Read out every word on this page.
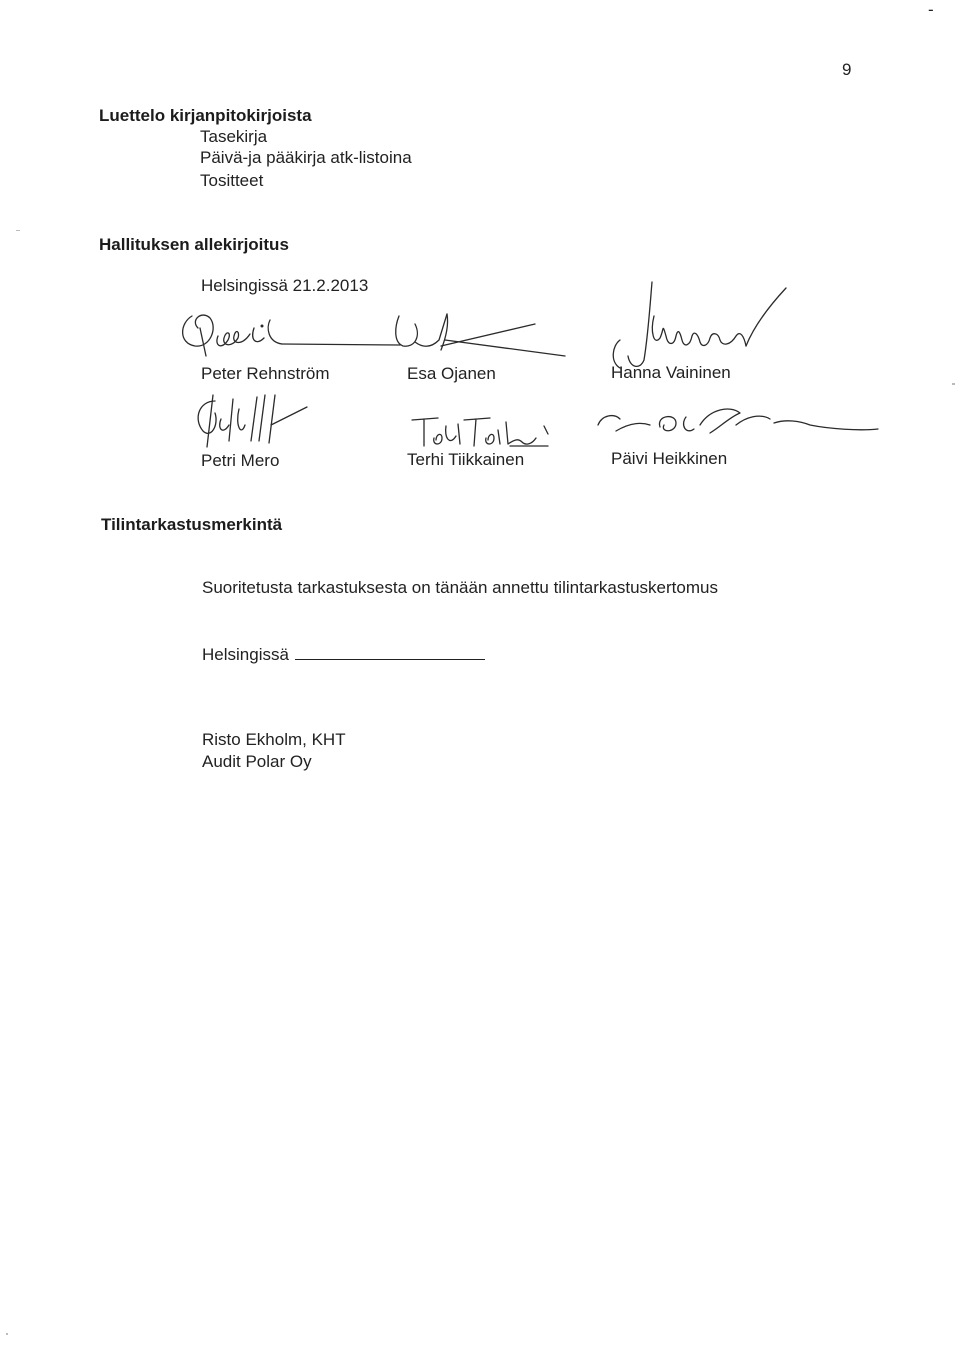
9
-
Luettelo kirjanpitokirjoista
Tasekirja
Päivä-ja pääkirja atk-listoina
Tositteet
Hallituksen allekirjoitus
Helsingissä 21.2.2013
Peter Rehnström	Esa Ojanen	Hanna Vaininen
Petri Mero	Terhi Tiikkainen	Päivi Heikkinen
Hanna
Tilintarkastusmerkintä
Suoritetusta tarkastuksesta on tänään annettu tilintarkastuskertomus
Helsingissä
Risto Ekholm, KHT
Audit Polar Oy
